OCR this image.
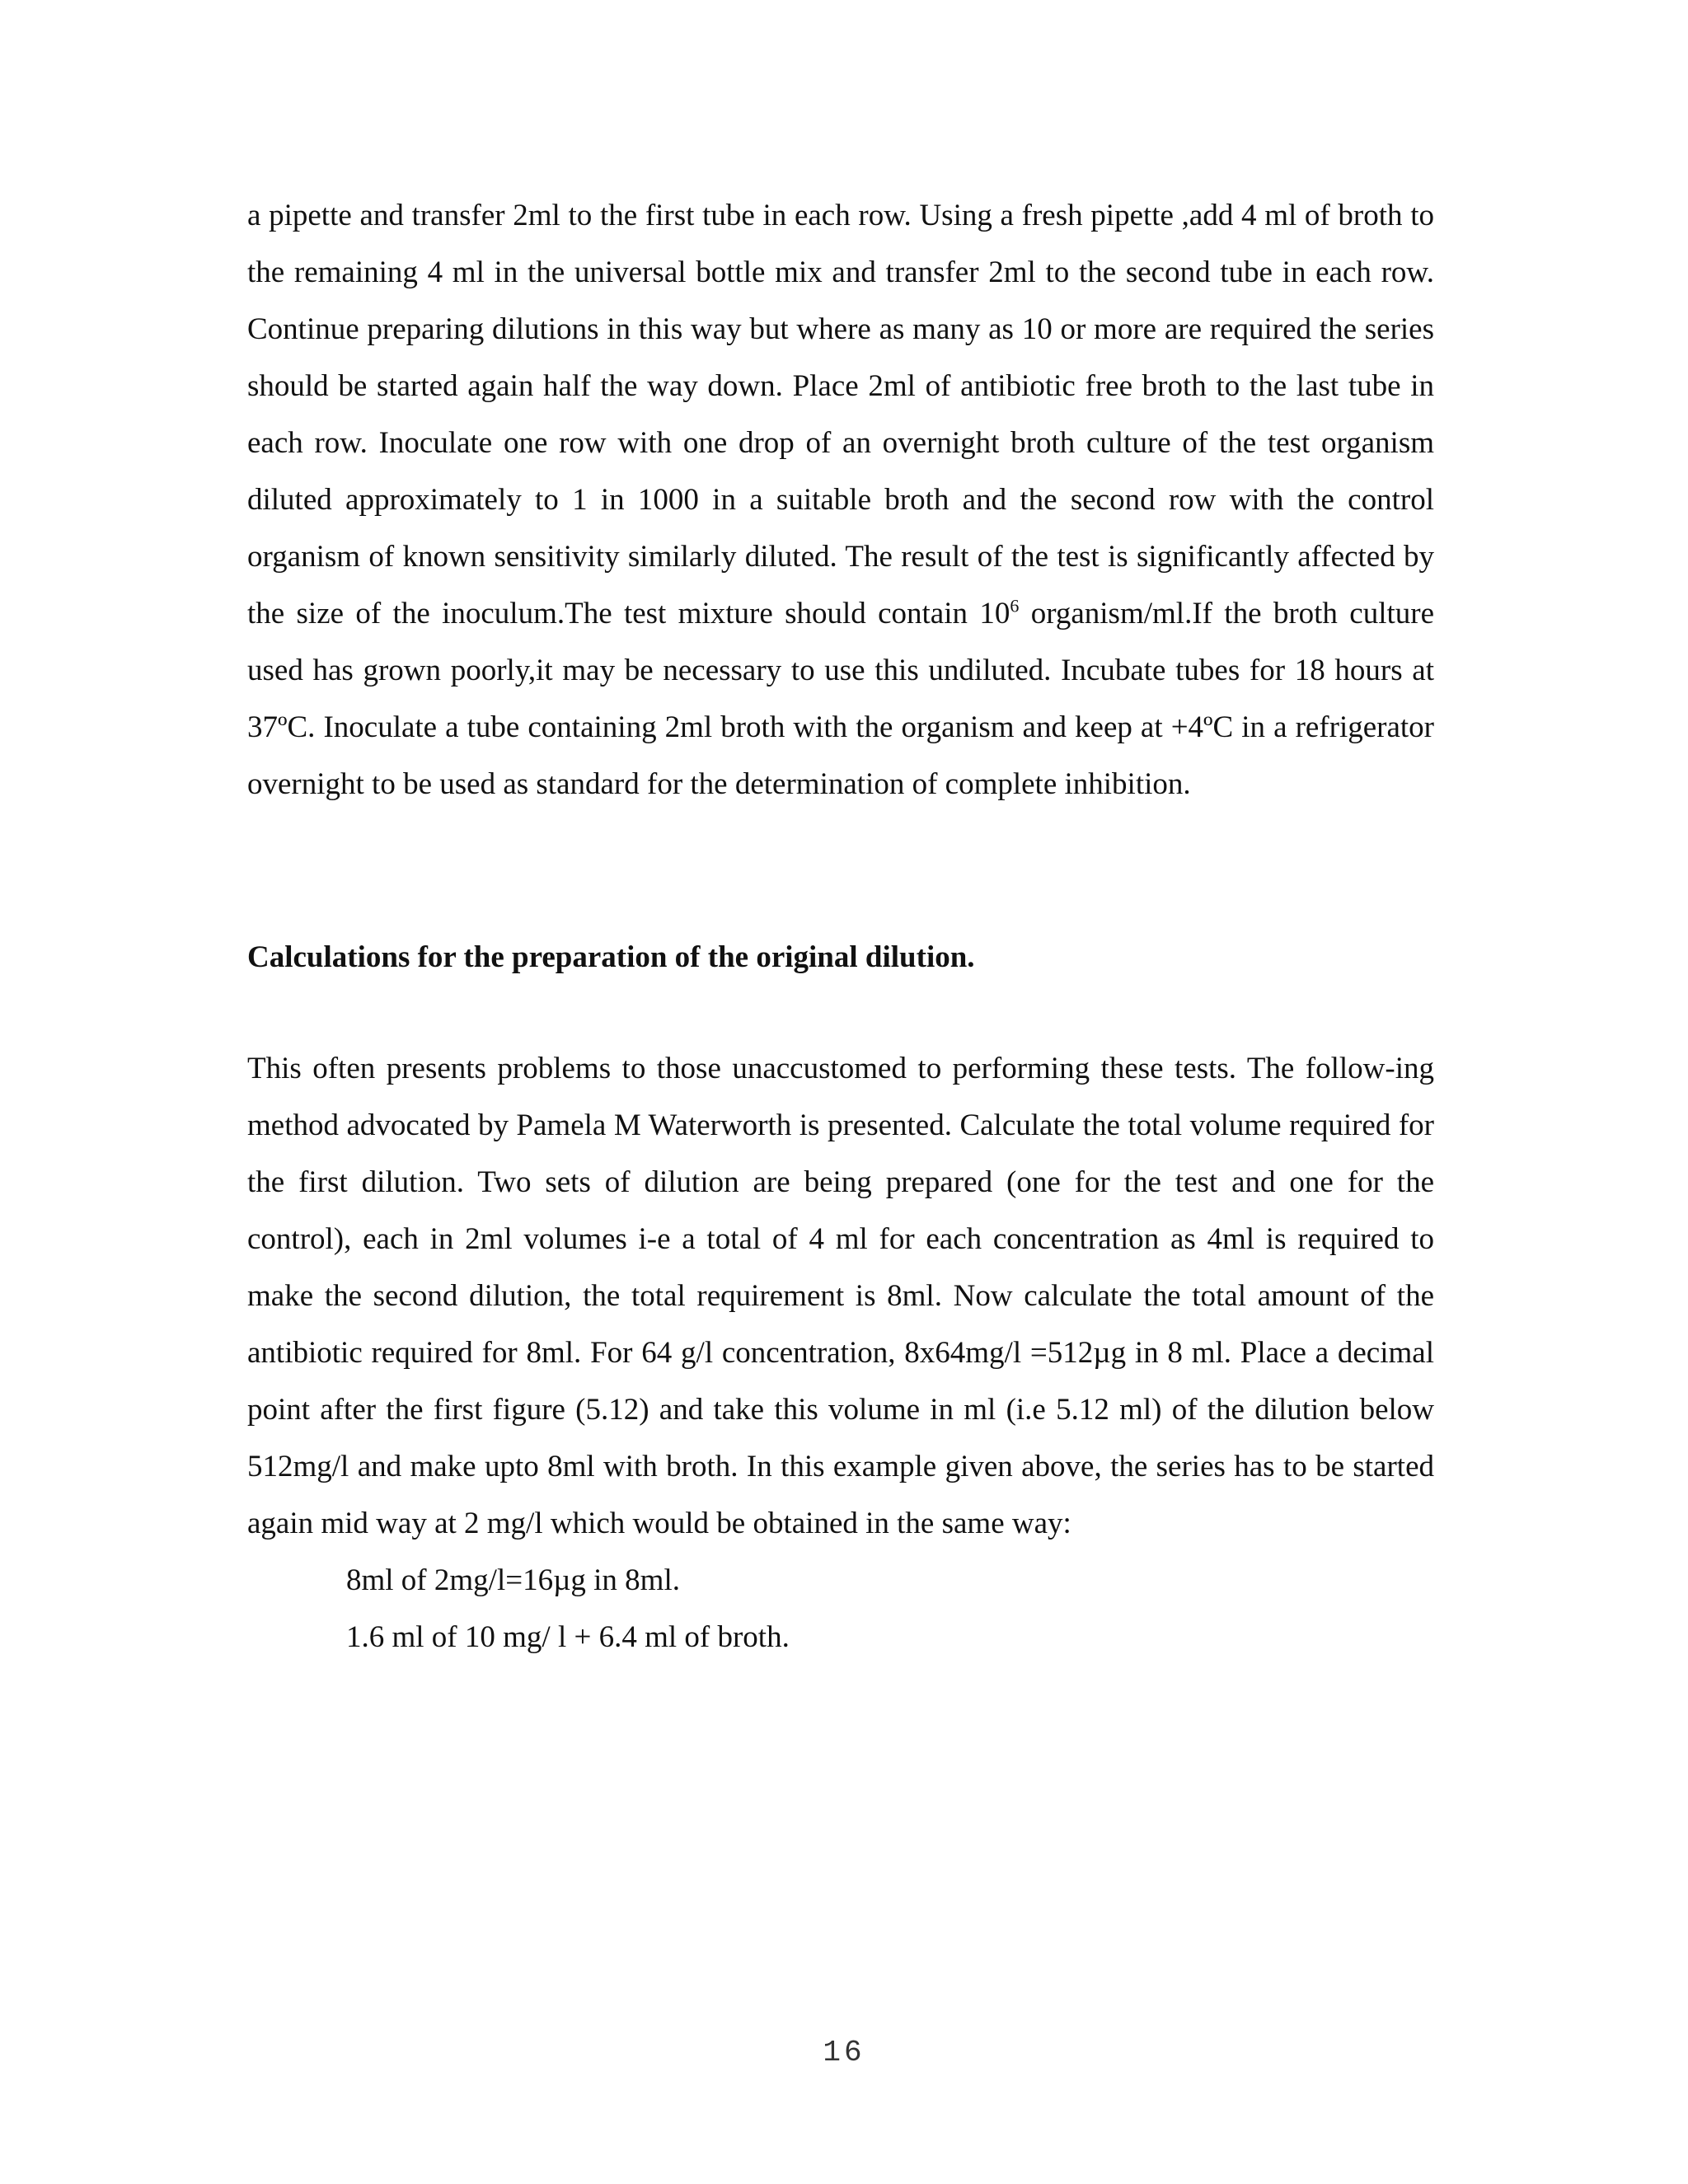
a pipette and transfer 2ml to the first tube in each row. Using a fresh pipette ,add 4 ml of broth to the remaining 4 ml in the universal bottle mix and transfer 2ml to the second tube in each row. Continue preparing dilutions in this way but where as many as 10 or more are required the series should be started again half the way down. Place 2ml of antibiotic free broth to the last tube in each row. Inoculate one row with one drop of an overnight broth culture of the test organism diluted approximately to 1 in 1000 in a suitable broth and the second row with the control organism of known sensitivity similarly diluted. The result of the test is significantly affected by the size of the inoculum.The test mixture should contain $10^6$ organism/ml.If the broth culture used has grown poorly,it may be necessary to use this undiluted. Incubate tubes for 18 hours at 37ºC. Inoculate a tube containing 2ml broth with the organism and keep at +4ºC in a refrigerator overnight to be used as standard for the determination of complete inhibition.

Calculations for the preparation of the original dilution.

This often presents problems to those unaccustomed to performing these tests. The follow-ing method advocated by Pamela M Waterworth is presented. Calculate the total volume required for the first dilution. Two sets of dilution are being prepared (one for the test and one for the control), each in 2ml volumes i-e a total of 4 ml for each concentration as 4ml is required to make the second dilution, the total requirement is 8ml. Now calculate the total amount of the antibiotic required for 8ml. For 64 g/l concentration, 8x64mg/l =512µg in 8 ml. Place a decimal point after the first figure (5.12) and take this volume in ml (i.e 5.12 ml) of the dilution below 512mg/l and make upto 8ml with broth. In this example given above, the series has to be started again mid way at 2 mg/l which would be obtained in the same way:
8ml of 2mg/l=16µg in 8ml.
1.6 ml of 10 mg/ l + 6.4 ml of broth.

16
